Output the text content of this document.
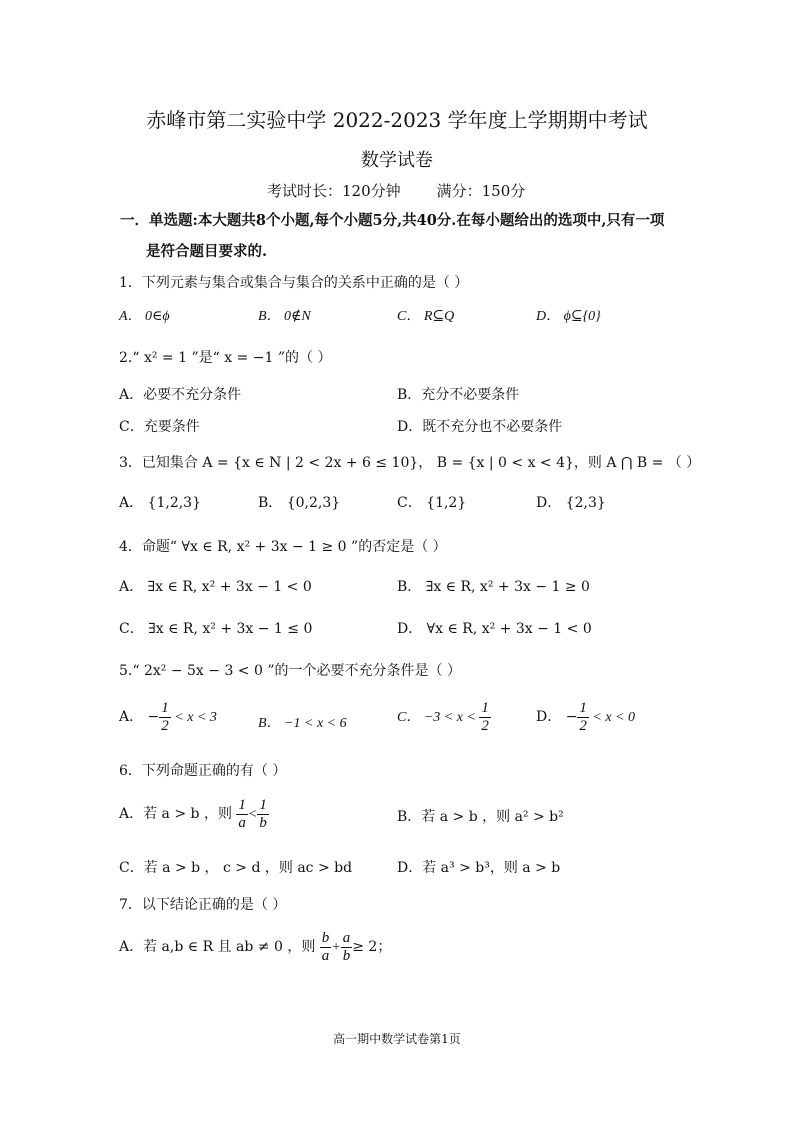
赤峰市第二实验中学 2022-2023 学年度上学期期中考试
数学试卷
考试时长：120分钟 满分：150分
一．单选题:本大题共8个小题,每个小题5分,共40分.在每小题给出的选项中,只有一项
是符合题目要求的.
1．下列元素与集合或集合与集合的关系中正确的是（ ）
A． 0∈ϕ	B． 0∉N	C． R⊆Q	D． ϕ⊆{0}
2.“ x² = 1 ”是“ x = −1 ”的（ ）
A．必要不充分条件	B．充分不必要条件
C．充要条件	D．既不充分也不必要条件
3．已知集合 A = {x ∈ N | 2 < 2x + 6 ≤ 10}， B = {x | 0 < x < 4}，则 A ⋂ B = （ ）
A． {1,2,3}	B． {0,2,3}	C． {1,2}	D． {2,3}
4．命题“ ∀x ∈ R, x² + 3x − 1 ≥ 0 ”的否定是（ ）
A． ∃x ∈ R, x² + 3x − 1 < 0	B． ∃x ∈ R, x² + 3x − 1 ≥ 0
C． ∃x ∈ R, x² + 3x − 1 ≤ 0	D． ∀x ∈ R, x² + 3x − 1 < 0
5.“ 2x² − 5x − 3 < 0 ”的一个必要不充分条件是（ ）
A． − $\frac{1}{2} < x < 3$	B． −1 < x < 6	C． $-3 < x < \frac{1}{2}$	D． − $\frac{1}{2} < x < 0$
6．下列命题正确的有（ ）
A．若 a > b ，则 $\frac{1}{a} < \frac{1}{b}$	B．若 a > b ，则 a² > b²
C．若 a > b ， c > d ，则 ac > bd	D．若 a³ > b³，则 a > b
7．以下结论正确的是（ ）
A．若 a,b ∈ R 且 ab ≠ 0 ，则 $\frac{b}{a} + \frac{a}{b} \ge 2$；
高一期中数学试卷第1页
